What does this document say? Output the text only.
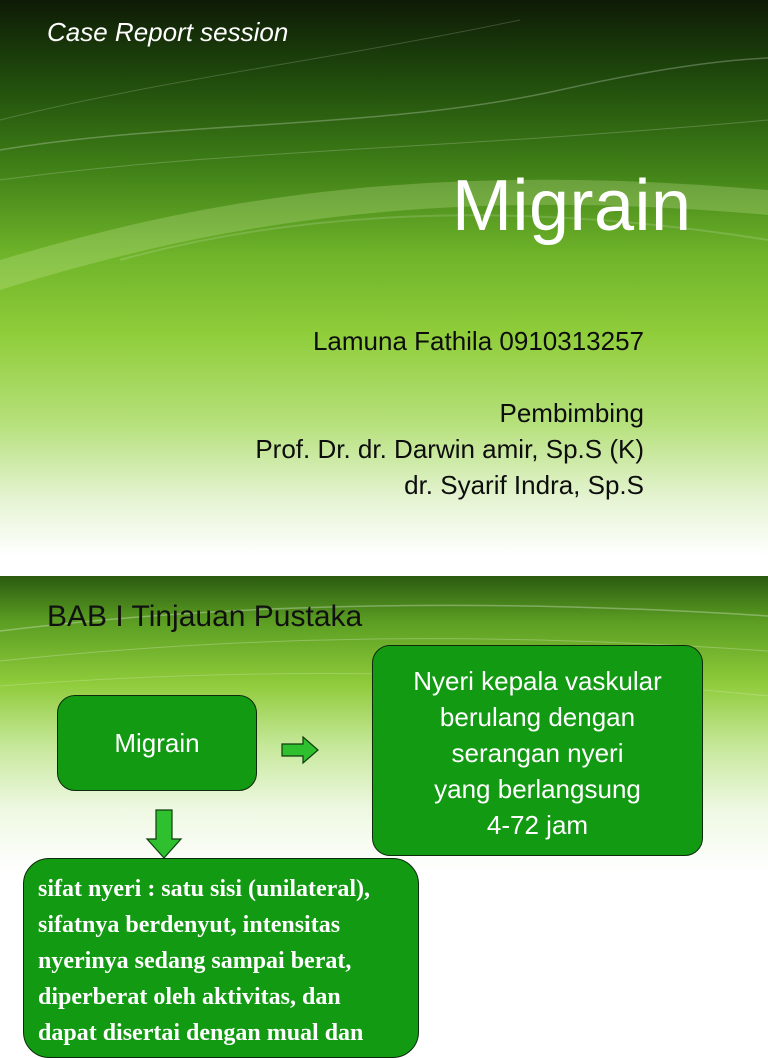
Case Report session

Migrain

Lamuna Fathila 0910313257

Pembimbing

Prof. Dr. dr. Darwin amir, Sp.S (K)

dr. Syarif Indra, Sp.S

BAB I Tinjauan Pustaka

Migrain
Nyeri kepala vaskular
berulang dengan
serangan nyeri
yang berlangsung
4-72 jam
sifat nyeri : satu sisi (unilateral),
sifatnya berdenyut, intensitas
nyerinya sedang sampai berat,
diperberat oleh aktivitas, dan
dapat disertai dengan mual dan
